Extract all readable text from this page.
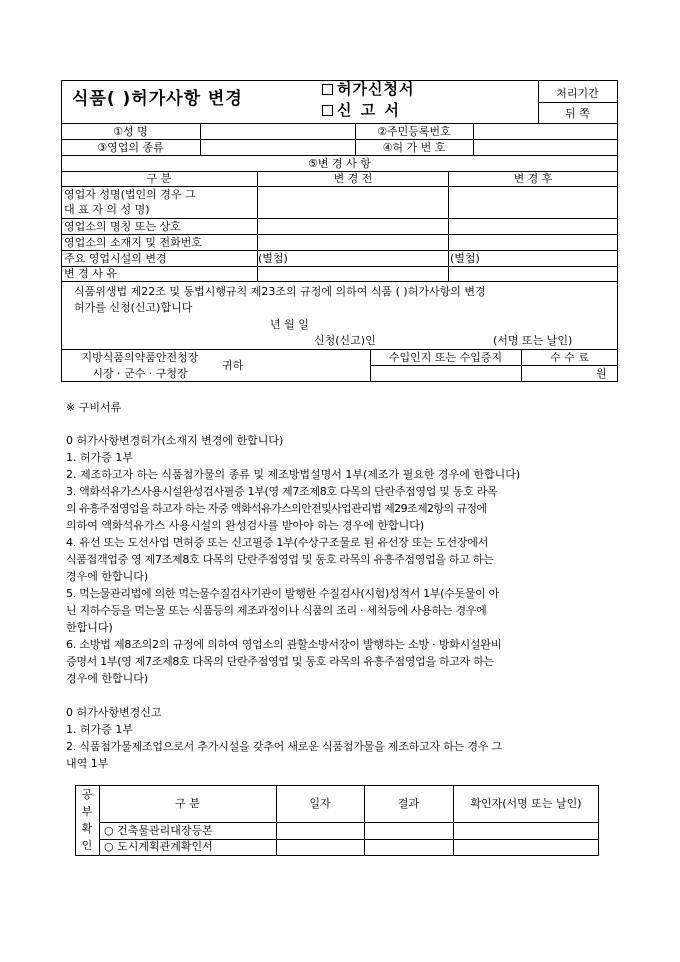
식품( )허가사항 변경	허가신청서
신 고 서
처리기간
뒤 쪽
①성 명	②주민등록번호
③영업의 종류	④허 가 번 호
⑤변 경 사 항
구 분	변 경 전	변 경 후
영업자 성명(법인의 경우 그
대 표 자 의 성 명)
영업소의 명칭 또는 상호
영업소의 소재지 및 전화번호
주요 영업시설의 변경	(별첨)	(별첨)
변 경 사 유
식품위생법 제22조 및 동법시행규칙 제23조의 규정에 의하여 식품 ( )허가사항의 변경
허가를 신청(신고)합니다
년 월 일
신청(신고)인	(서명 또는 날인)
지방식품의약품안전청장
시장 · 군수 · 구청장
귀하
수입인지 또는 수입증지	수 수 료
원
※ 구비서류
0 허가사항변경허가(소재지 변경에 한합니다)
1. 허가증 1부
2. 제조하고자 하는 식품첨가물의 종류 및 제조방법설명서 1부(제조가 필요한 경우에 한합니다)
3. 액화석유가스사용시설완성검사필증 1부(영 제7조제8호 다목의 단란주점영업 및 동호 라목
의 유흥주점영업을 하고자 하는 자중 액화석유가스의안전및사업관리법 제29조제2항의 규정에
의하여 액화석유가스 사용시설의 완성검사를 받아야 하는 경우에 한합니다)
4. 유선 또는 도선사업 면허증 또는 신고필증 1부(수상구조물로 된 유선장 또는 도선장에서
식품접객업중 영 제7조제8호 다목의 단란주점영업 및 동호 라목의 유흥주점영업을 하고 하는
경우에 한합니다)
5. 먹는물관리법에 의한 먹는물수질검사기관이 발행한 수질검사(시험)성적서 1부(수돗물이 아
닌 지하수등을 먹는물 또는 식품등의 제조과정이나 식품의 조리 · 세척등에 사용하는 경우에
한합니다)
6. 소방법 제8조의2의 규정에 의하여 영업소의 관할소방서장이 발행하는 소방 · 방화시설완비
증명서 1부(영 제7조제8호 다목의 단란주점영업 및 동호 라목의 유흥주점영업을 하고자 하는
경우에 한합니다)
0 허가사항변경신고
1. 허가증 1부
2. 식품첨가물제조업으로서 추가시설을 갖추어 새로운 식품첨가물을 제조하고자 하는 경우 그
내역 1부
공
부
확
인
구 분	일자	결과	확인자(서명 또는 날인)
○ 건축물관리대장등본
○ 도시계획관계확인서
